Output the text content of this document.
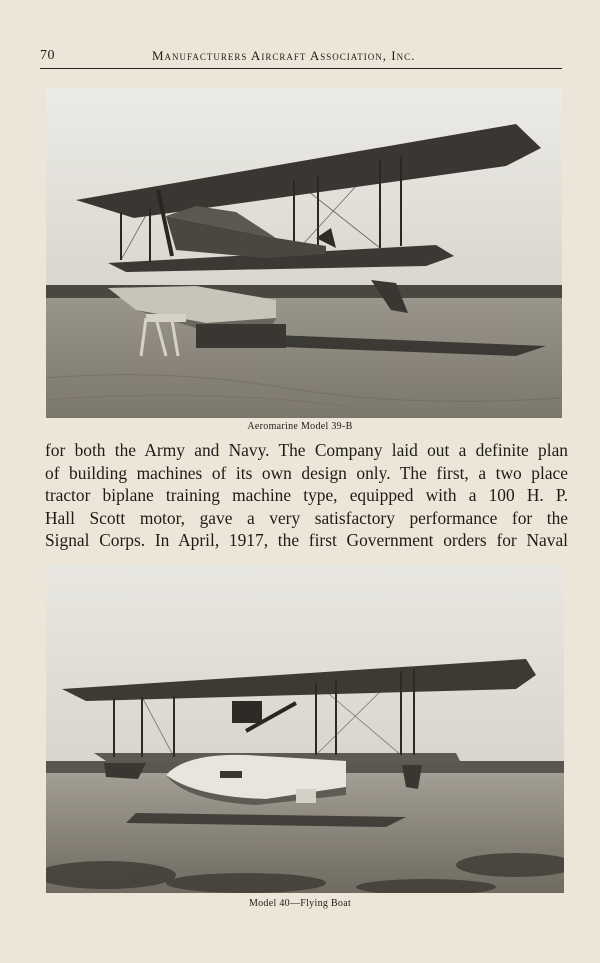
70	Manufacturers Aircraft Association, Inc.
Aeromarine Model 39-B
for both the Army and Navy. The Company laid out a definite plan
of building machines of its own design only. The first, a two place
tractor biplane training machine type, equipped with a 100 H. P.
Hall Scott motor, gave a very satisfactory performance for the
Signal Corps. In April, 1917, the first Government orders for Naval
Model 40—Flying Boat
